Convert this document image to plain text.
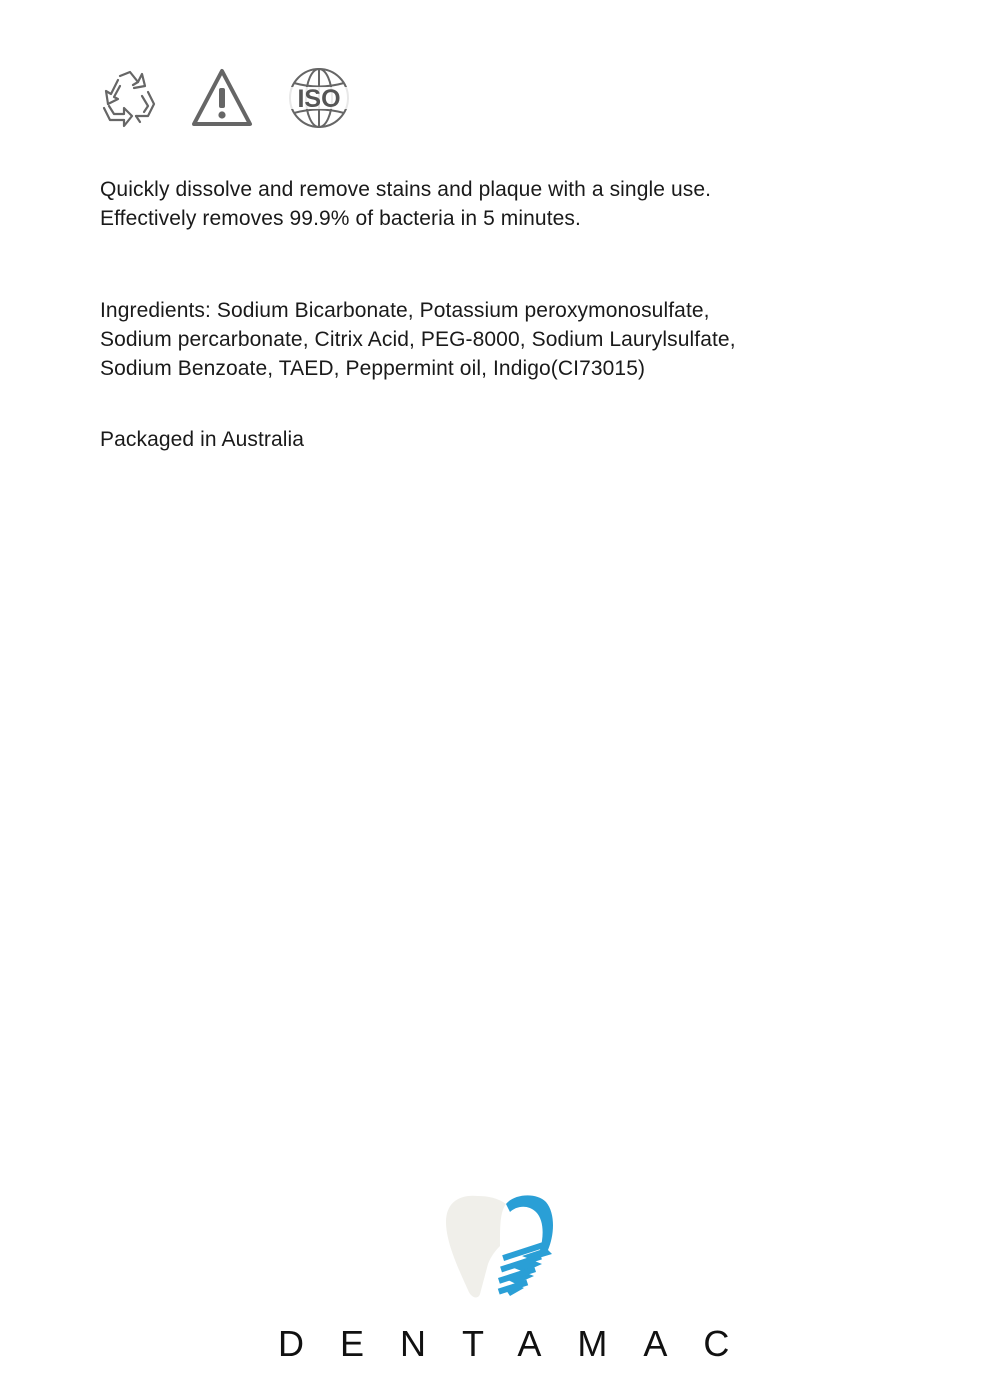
ISO

Quickly dissolve and remove stains and plaque with a single use.

Effectively removes 99.9% of bacteria in 5 minutes.

Ingredients: Sodium Bicarbonate, Potassium peroxymonosulfate,

Sodium percarbonate, Citrix Acid, PEG-8000, Sodium Laurylsulfate,

Sodium Benzoate, TAED, Peppermint oil, Indigo(CI73015)

Packaged in Australia

DENTAMAC
